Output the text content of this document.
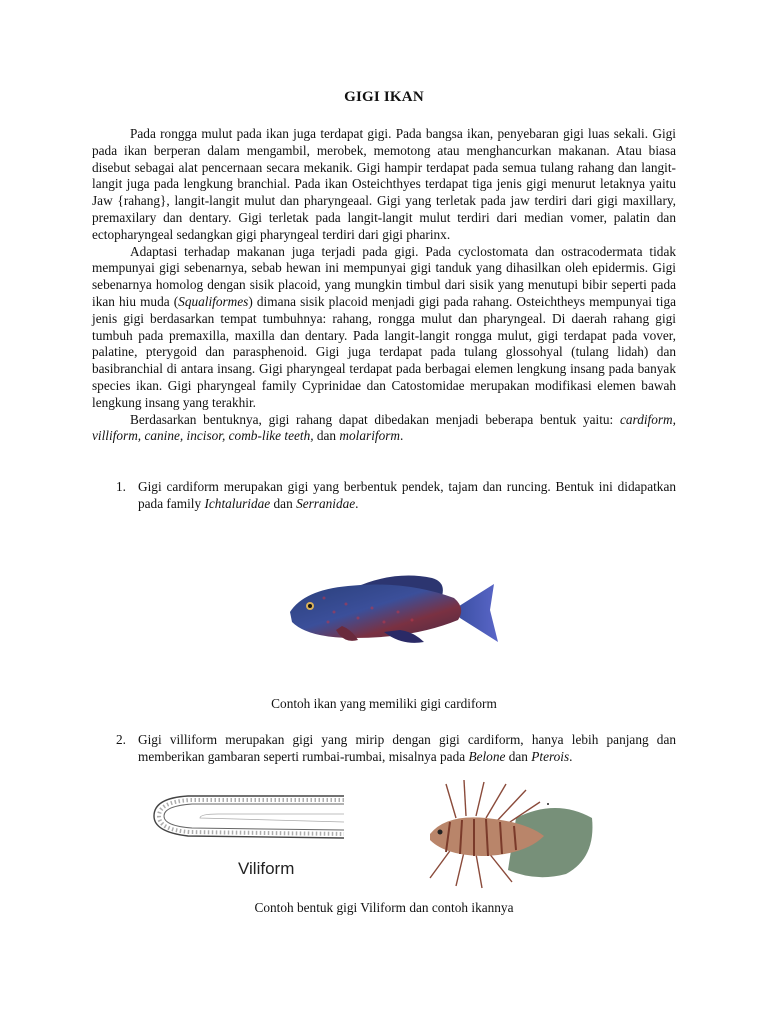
GIGI IKAN

Pada rongga mulut pada ikan juga terdapat gigi. Pada bangsa ikan, penyebaran gigi luas sekali. Gigi pada ikan berperan dalam mengambil, merobek, memotong atau menghancurkan makanan. Atau biasa disebut sebagai alat pencernaan secara mekanik. Gigi hampir terdapat pada semua tulang rahang dan langit-langit juga pada lengkung branchial. Pada ikan Osteichthyes terdapat tiga jenis gigi menurut letaknya yaitu Jaw {rahang}, langit-langit mulut dan pharyngeaal. Gigi yang terletak pada jaw terdiri dari gigi maxillary, premaxilary dan dentary. Gigi terletak pada langit-langit mulut terdiri dari median vomer, palatin dan ectopharyngeal sedangkan gigi pharyngeal terdiri dari gigi pharinx.

Adaptasi terhadap makanan juga terjadi pada gigi. Pada cyclostomata dan ostracodermata tidak mempunyai gigi sebenarnya, sebab hewan ini mempunyai gigi tanduk yang dihasilkan oleh epidermis. Gigi sebenarnya homolog dengan sisik placoid, yang mungkin timbul dari sisik yang menutupi bibir seperti pada ikan hiu muda (Squaliformes) dimana sisik placoid menjadi gigi pada rahang. Osteichtheys mempunyai tiga jenis gigi berdasarkan tempat tumbuhnya: rahang, rongga mulut dan pharyngeal. Di daerah rahang gigi tumbuh pada premaxilla, maxilla dan dentary. Pada langit-langit rongga mulut, gigi terdapat pada vover, palatine, pterygoid dan parasphenoid. Gigi juga terdapat pada tulang glossohyal (tulang lidah) dan basibranchial di antara insang. Gigi pharyngeal terdapat pada berbagai elemen lengkung insang pada banyak species ikan. Gigi pharyngeal family Cyprinidae dan Catostomidae merupakan modifikasi elemen bawah lengkung insang yang terakhir.

Berdasarkan bentuknya, gigi rahang dapat dibedakan menjadi beberapa bentuk yaitu: cardiform, villiform, canine, incisor, comb-like teeth, dan molariform.

1. Gigi cardiform merupakan gigi yang berbentuk pendek, tajam dan runcing. Bentuk ini didapatkan pada family Ichtaluridae dan Serranidae.
Contoh ikan yang memiliki gigi cardiform
2. Gigi villiform merupakan gigi yang mirip dengan gigi cardiform, hanya lebih panjang dan memberikan gambaran seperti rumbai-rumbai, misalnya pada Belone dan Pterois.
Viliform
Contoh bentuk gigi Viliform dan contoh ikannya
